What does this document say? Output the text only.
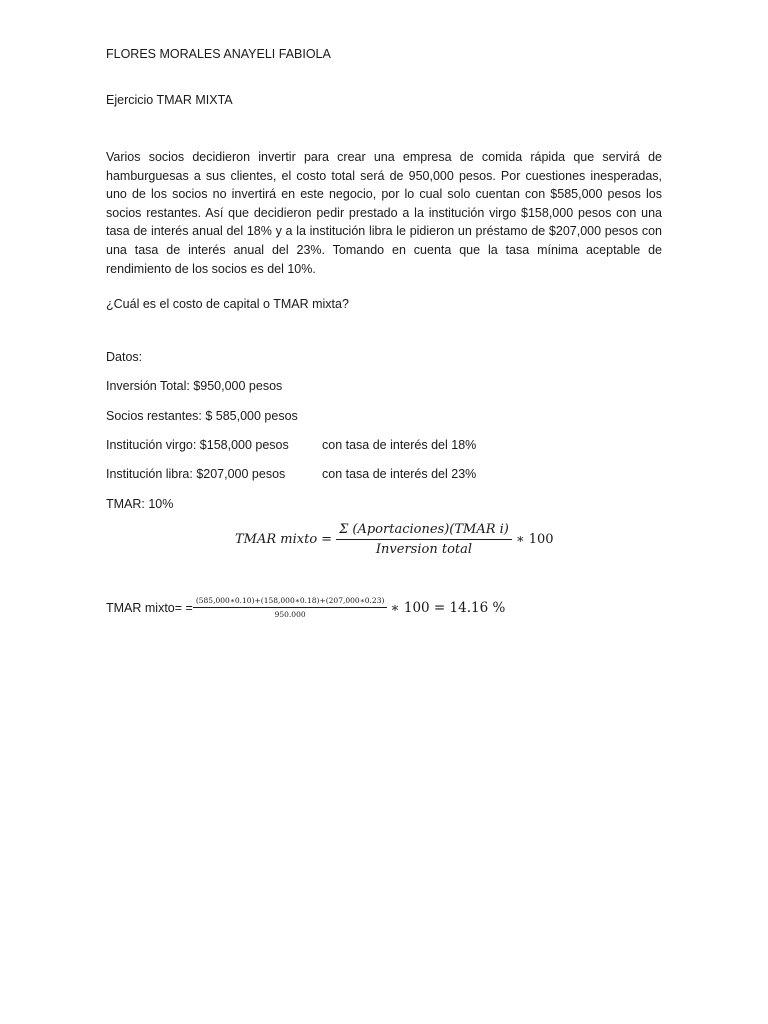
FLORES MORALES ANAYELI FABIOLA
Ejercicio TMAR MIXTA
Varios socios decidieron invertir para crear una empresa de comida rápida que servirá de hamburguesas a sus clientes, el costo total será de 950,000 pesos. Por cuestiones inesperadas, uno de los socios no invertirá en este negocio, por lo cual solo cuentan con $585,000 pesos los socios restantes. Así que decidieron pedir prestado a la institución virgo $158,000 pesos con una tasa de interés anual del 18% y a la institución libra le pidieron un préstamo de $207,000 pesos con una tasa de interés anual del 23%. Tomando en cuenta que la tasa mínima aceptable de rendimiento de los socios es del 10%.
¿Cuál es el costo de capital o TMAR mixta?
Datos:
Inversión Total: $950,000 pesos
Socios restantes: $ 585,000 pesos
Institución virgo: $158,000 pesos	con tasa de interés del 18%
Institución libra: $207,000 pesos	con tasa de interés del 23%
TMAR: 10%
TMAR mixto = $\frac{\text{Σ (Aportaciones)(TMAR i)}}{\text{Inversion total}}$ ∗ 100
TMAR mixto= = $\frac{(585,000∗0.10)+(158,000∗0.18)+(207,000∗0.23)}{950.000}$ ∗ 100 = 14.16 %
